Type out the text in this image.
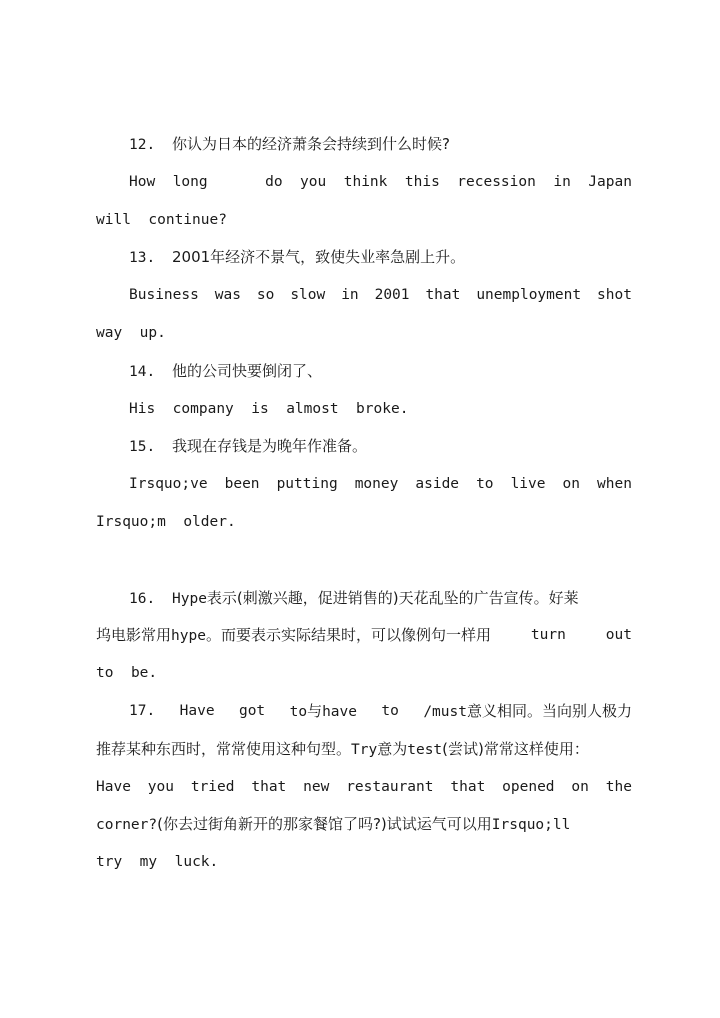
12. 你认为日本的经济萧条会持续到什么时候?
How long	do you think this recession in Japan
will continue?
13. 2001年经济不景气，致使失业率急剧上升。
Business was so slow in 2001 that unemployment shot
way up.
14. 他的公司快要倒闭了、
His company is almost broke.
15. 我现在存钱是为晚年作准备。
Irsquo;ve been putting money aside to live on when
Irsquo;m older.
16. Hype表示(刺激兴趣，促进销售的)天花乱坠的广告宣传。好莱
坞电影常用hype。而要表示实际结果时，可以像例句一样用	turn	out
to be.
17. Have got to与have to /must意义相同。当向别人极力
推荐某种东西时，常常使用这种句型。Try意为test(尝试)常常这样使用：
Have you tried that new restaurant that opened on the
corner?(你去过街角新开的那家餐馆了吗?)试试运气可以用Irsquo;ll
try my luck.
